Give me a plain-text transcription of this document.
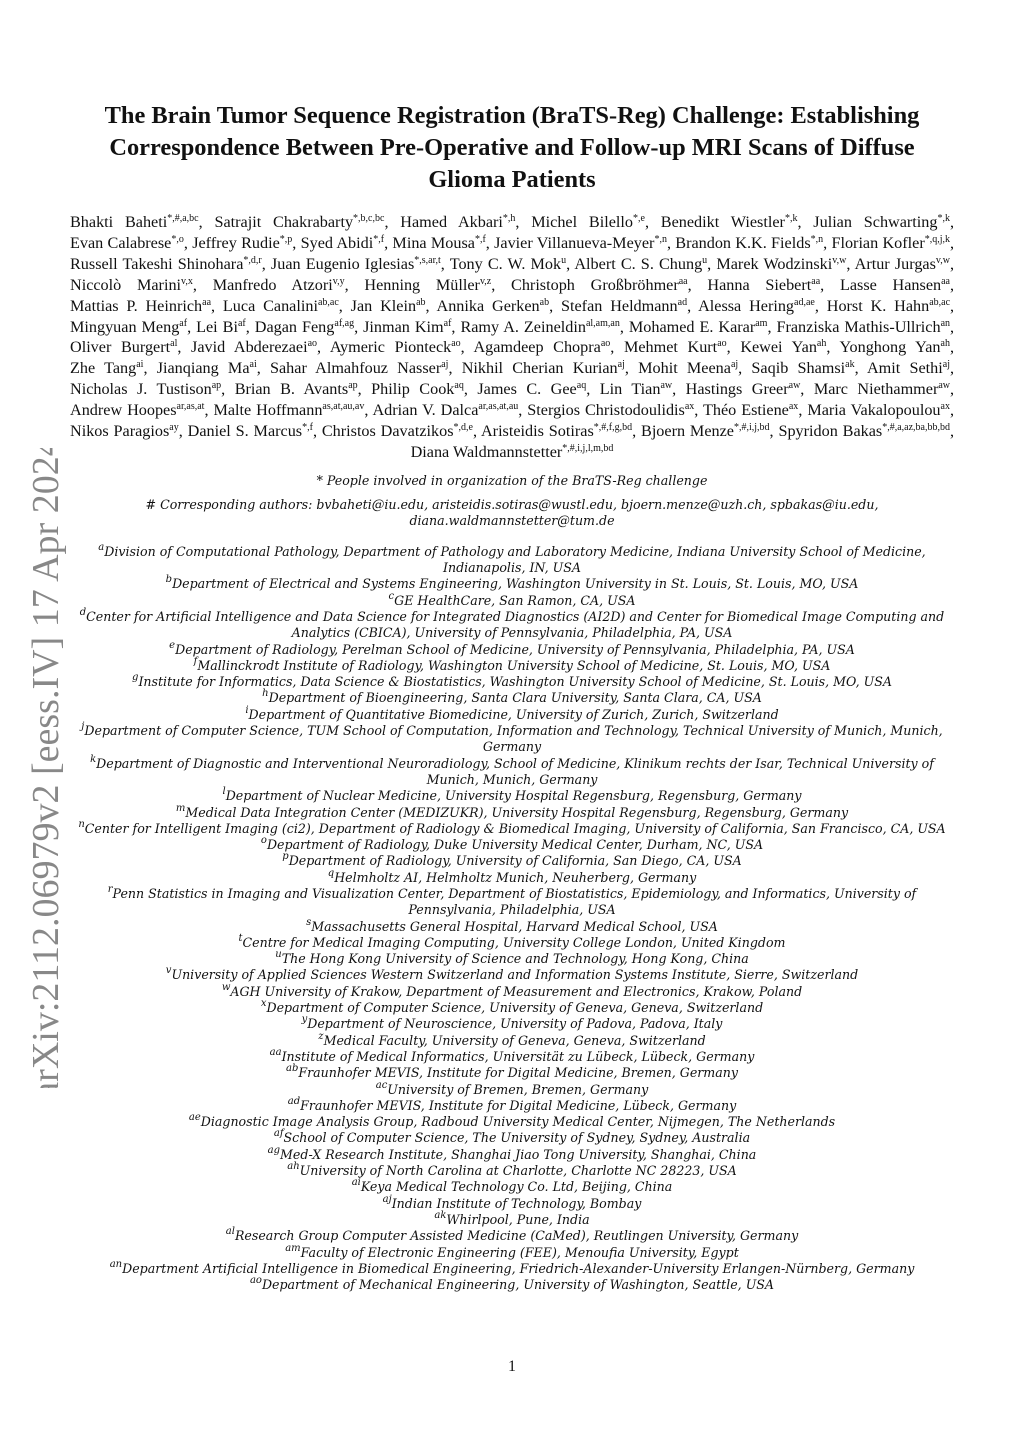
arXiv:2112.06979v2 [eess.IV] 17 Apr 2024
The Brain Tumor Sequence Registration (BraTS-Reg) Challenge: Establishing Correspondence Between Pre-Operative and Follow-up MRI Scans of Diffuse Glioma Patients
Bhakti Baheti$^{*,\#,a,bc}$, Satrajit Chakrabarty$^{*,b,c,bc}$, Hamed Akbari$^{*,h}$, Michel Bilello$^{*,e}$, Benedikt Wiestler$^{*,k}$, Julian Schwarting$^{*,k}$, Evan Calabrese$^{*,o}$, Jeffrey Rudie$^{*,p}$, Syed Abidi$^{*,f}$, Mina Mousa$^{*,f}$, Javier Villanueva-Meyer$^{*,n}$, Brandon K.K. Fields$^{*,n}$, Florian Kofler$^{*,q,j,k}$, Russell Takeshi Shinohara$^{*,d,r}$, Juan Eugenio Iglesias$^{*,s,ar,t}$, Tony C. W. Mok$^u$, Albert C. S. Chung$^u$, Marek Wodzinski$^{v,w}$, Artur Jurgas$^{v,w}$, Niccolò Marini$^{v,x}$, Manfredo Atzori$^{v,y}$, Henning Müller$^{v,z}$, Christoph Großbröhmer$^{aa}$, Hanna Siebert$^{aa}$, Lasse Hansen$^{aa}$, Mattias P. Heinrich$^{aa}$, Luca Canalini$^{ab,ac}$, Jan Klein$^{ab}$, Annika Gerken$^{ab}$, Stefan Heldmann$^{ad}$, Alessa Hering$^{ad,ae}$, Horst K. Hahn$^{ab,ac}$, Mingyuan Meng$^{af}$, Lei $Bi^{af}$, Dagan Feng$^{af,ag}$, Jinman Kim$^{af}$, Ramy A. Zeineldin$^{al,am,an}$, Mohamed E. Karar$^{am}$, Franziska Mathis-Ullrich$^{an}$, Oliver Burgert$^{al}$, Javid Abderezaei$^{ao}$, Aymeric Pionteck$^{ao}$, Agamdeep Chopra$^{ao}$, Mehmet Kurt$^{ao}$, Kewei Yan$^{ah}$, Yonghong Yan$^{ah}$, Zhe Tang$^{ai}$, Jianqiang $Ma^{ai}$, Sahar Almahfouz Nasser$^{aj}$, Nikhil Cherian Kurian$^{aj}$, Mohit Meena$^{aj}$, Saqib Shamsi$^{ak}$, Amit Sethi$^{aj}$, Nicholas J. Tustison$^{ap}$, Brian B. Avants$^{ap}$, Philip Cook$^{aq}$, James C. Gee$^{aq}$, Lin Tian$^{aw}$, Hastings Greer$^{aw}$, Marc Niethammer$^{aw}$, Andrew Hoopes$^{ar,as,at}$, Malte Hoffmann$^{as,at,au,av}$, Adrian V. Dalca$^{ar,as,at,au}$, Stergios Christodoulidis$^{ax}$, Théo Estiene$^{ax}$, Maria Vakalopoulou$^{ax}$, Nikos Paragios$^{ay}$, Daniel S. Marcus$^{*,f}$, Christos Davatzikos$^{*,d,e}$, Aristeidis Sotiras$^{*,\#,f,g,bd}$, Bjoern Menze$^{*,\#,i,j,bd}$, Spyridon Bakas$^{*,\#,a,az,ba,bb,bd}$, Diana Waldmannstetter$^{*,\#,i,j,l,m,bd}$
* People involved in organization of the BraTS-Reg challenge
# Corresponding authors: bvbaheti@iu.edu, aristeidis.sotiras@wustl.edu, bjoern.menze@uzh.ch, spbakas@iu.edu,
diana.waldmannstetter@tum.de
$^a$Division of Computational Pathology, Department of Pathology and Laboratory Medicine, Indiana University School of Medicine, Indianapolis, IN, USA
$^b$Department of Electrical and Systems Engineering, Washington University in St. Louis, St. Louis, MO, USA
$^c$GE HealthCare, San Ramon, CA, USA
$^d$Center for Artificial Intelligence and Data Science for Integrated Diagnostics (AI2D) and Center for Biomedical Image Computing and Analytics (CBICA), University of Pennsylvania, Philadelphia, PA, USA
$^e$Department of Radiology, Perelman School of Medicine, University of Pennsylvania, Philadelphia, PA, USA
$^f$Mallinckrodt Institute of Radiology, Washington University School of Medicine, St. Louis, MO, USA
$^g$Institute for Informatics, Data Science & Biostatistics, Washington University School of Medicine, St. Louis, MO, USA
$^h$Department of Bioengineering, Santa Clara University, Santa Clara, CA, USA
$^i$Department of Quantitative Biomedicine, University of Zurich, Zurich, Switzerland
$^j$Department of Computer Science, TUM School of Computation, Information and Technology, Technical University of Munich, Munich, Germany
$^k$Department of Diagnostic and Interventional Neuroradiology, School of Medicine, Klinikum rechts der Isar, Technical University of Munich, Munich, Germany
$^l$Department of Nuclear Medicine, University Hospital Regensburg, Regensburg, Germany
$^m$Medical Data Integration Center (MEDIZUKR), University Hospital Regensburg, Regensburg, Germany
$^n$Center for Intelligent Imaging (ci2), Department of Radiology & Biomedical Imaging, University of California, San Francisco, CA, USA
$^o$Department of Radiology, Duke University Medical Center, Durham, NC, USA
$^p$Department of Radiology, University of California, San Diego, CA, USA
$^q$Helmholtz AI, Helmholtz Munich, Neuherberg, Germany
$^r$Penn Statistics in Imaging and Visualization Center, Department of Biostatistics, Epidemiology, and Informatics, University of Pennsylvania, Philadelphia, USA
$^s$Massachusetts General Hospital, Harvard Medical School, USA
$^t$Centre for Medical Imaging Computing, University College London, United Kingdom
$^u$The Hong Kong University of Science and Technology, Hong Kong, China
$^v$University of Applied Sciences Western Switzerland and Information Systems Institute, Sierre, Switzerland
$^w$AGH University of Krakow, Department of Measurement and Electronics, Krakow, Poland
$^x$Department of Computer Science, University of Geneva, Geneva, Switzerland
$^y$Department of Neuroscience, University of Padova, Padova, Italy
$^z$Medical Faculty, University of Geneva, Geneva, Switzerland
$^{aa}$Institute of Medical Informatics, Universität zu Lübeck, Lübeck, Germany
$^{ab}$Fraunhofer MEVIS, Institute for Digital Medicine, Bremen, Germany
$^{ac}$University of Bremen, Bremen, Germany
$^{ad}$Fraunhofer MEVIS, Institute for Digital Medicine, Lübeck, Germany
$^{ae}$Diagnostic Image Analysis Group, Radboud University Medical Center, Nijmegen, The Netherlands
$^{af}$School of Computer Science, The University of Sydney, Sydney, Australia
$^{ag}$Med-X Research Institute, Shanghai Jiao Tong University, Shanghai, China
$^{ah}$University of North Carolina at Charlotte, Charlotte NC 28223, USA
$^{ai}$Keya Medical Technology Co. Ltd, Beijing, China
$^{aj}$Indian Institute of Technology, Bombay
$^{ak}$Whirlpool, Pune, India
$^{al}$Research Group Computer Assisted Medicine (CaMed), Reutlingen University, Germany
$^{am}$Faculty of Electronic Engineering (FEE), Menoufia University, Egypt
$^{an}$Department Artificial Intelligence in Biomedical Engineering, Friedrich-Alexander-University Erlangen-Nürnberg, Germany
$^{ao}$Department of Mechanical Engineering, University of Washington, Seattle, USA
1
